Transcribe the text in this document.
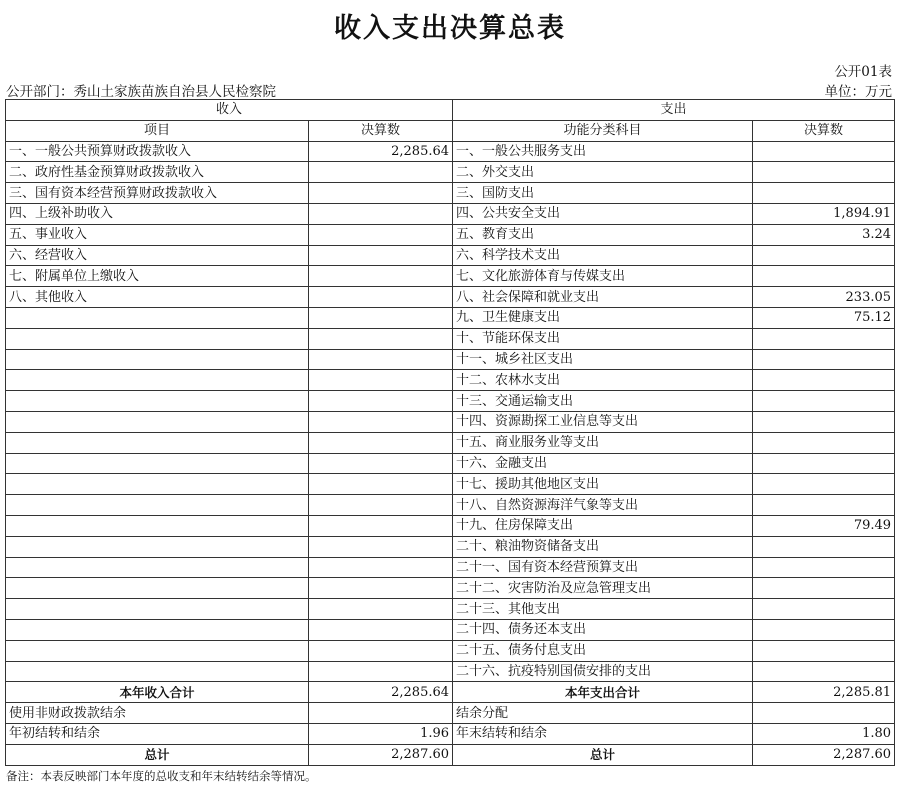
收入支出决算总表
公开01表
公开部门：秀山土家族苗族自治县人民检察院	单位：万元
收入		支出	
项目	决算数	功能分类科目	决算数
一、一般公共预算财政拨款收入	2,285.64	一、一般公共服务支出	
二、政府性基金预算财政拨款收入		二、外交支出	
三、国有资本经营预算财政拨款收入		三、国防支出	
四、上级补助收入		四、公共安全支出	1,894.91
五、事业收入		五、教育支出	3.24
六、经营收入		六、科学技术支出	
七、附属单位上缴收入		七、文化旅游体育与传媒支出	
八、其他收入		八、社会保障和就业支出	233.05
		九、卫生健康支出	75.12
		十、节能环保支出	
		十一、城乡社区支出	
		十二、农林水支出	
		十三、交通运输支出	
		十四、资源勘探工业信息等支出	
		十五、商业服务业等支出	
		十六、金融支出	
		十七、援助其他地区支出	
		十八、自然资源海洋气象等支出	
		十九、住房保障支出	79.49
		二十、粮油物资储备支出	
		二十一、国有资本经营预算支出	
		二十二、灾害防治及应急管理支出	
		二十三、其他支出	
		二十四、债务还本支出	
		二十五、债务付息支出	
		二十六、抗疫特别国债安排的支出	
本年收入合计	2,285.64	本年支出合计	2,285.81
使用非财政拨款结余		结余分配	
年初结转和结余	1.96	年末结转和结余	1.80
总计	2,287.60	总计	2,287.60
备注：本表反映部门本年度的总收支和年末结转结余等情况。
